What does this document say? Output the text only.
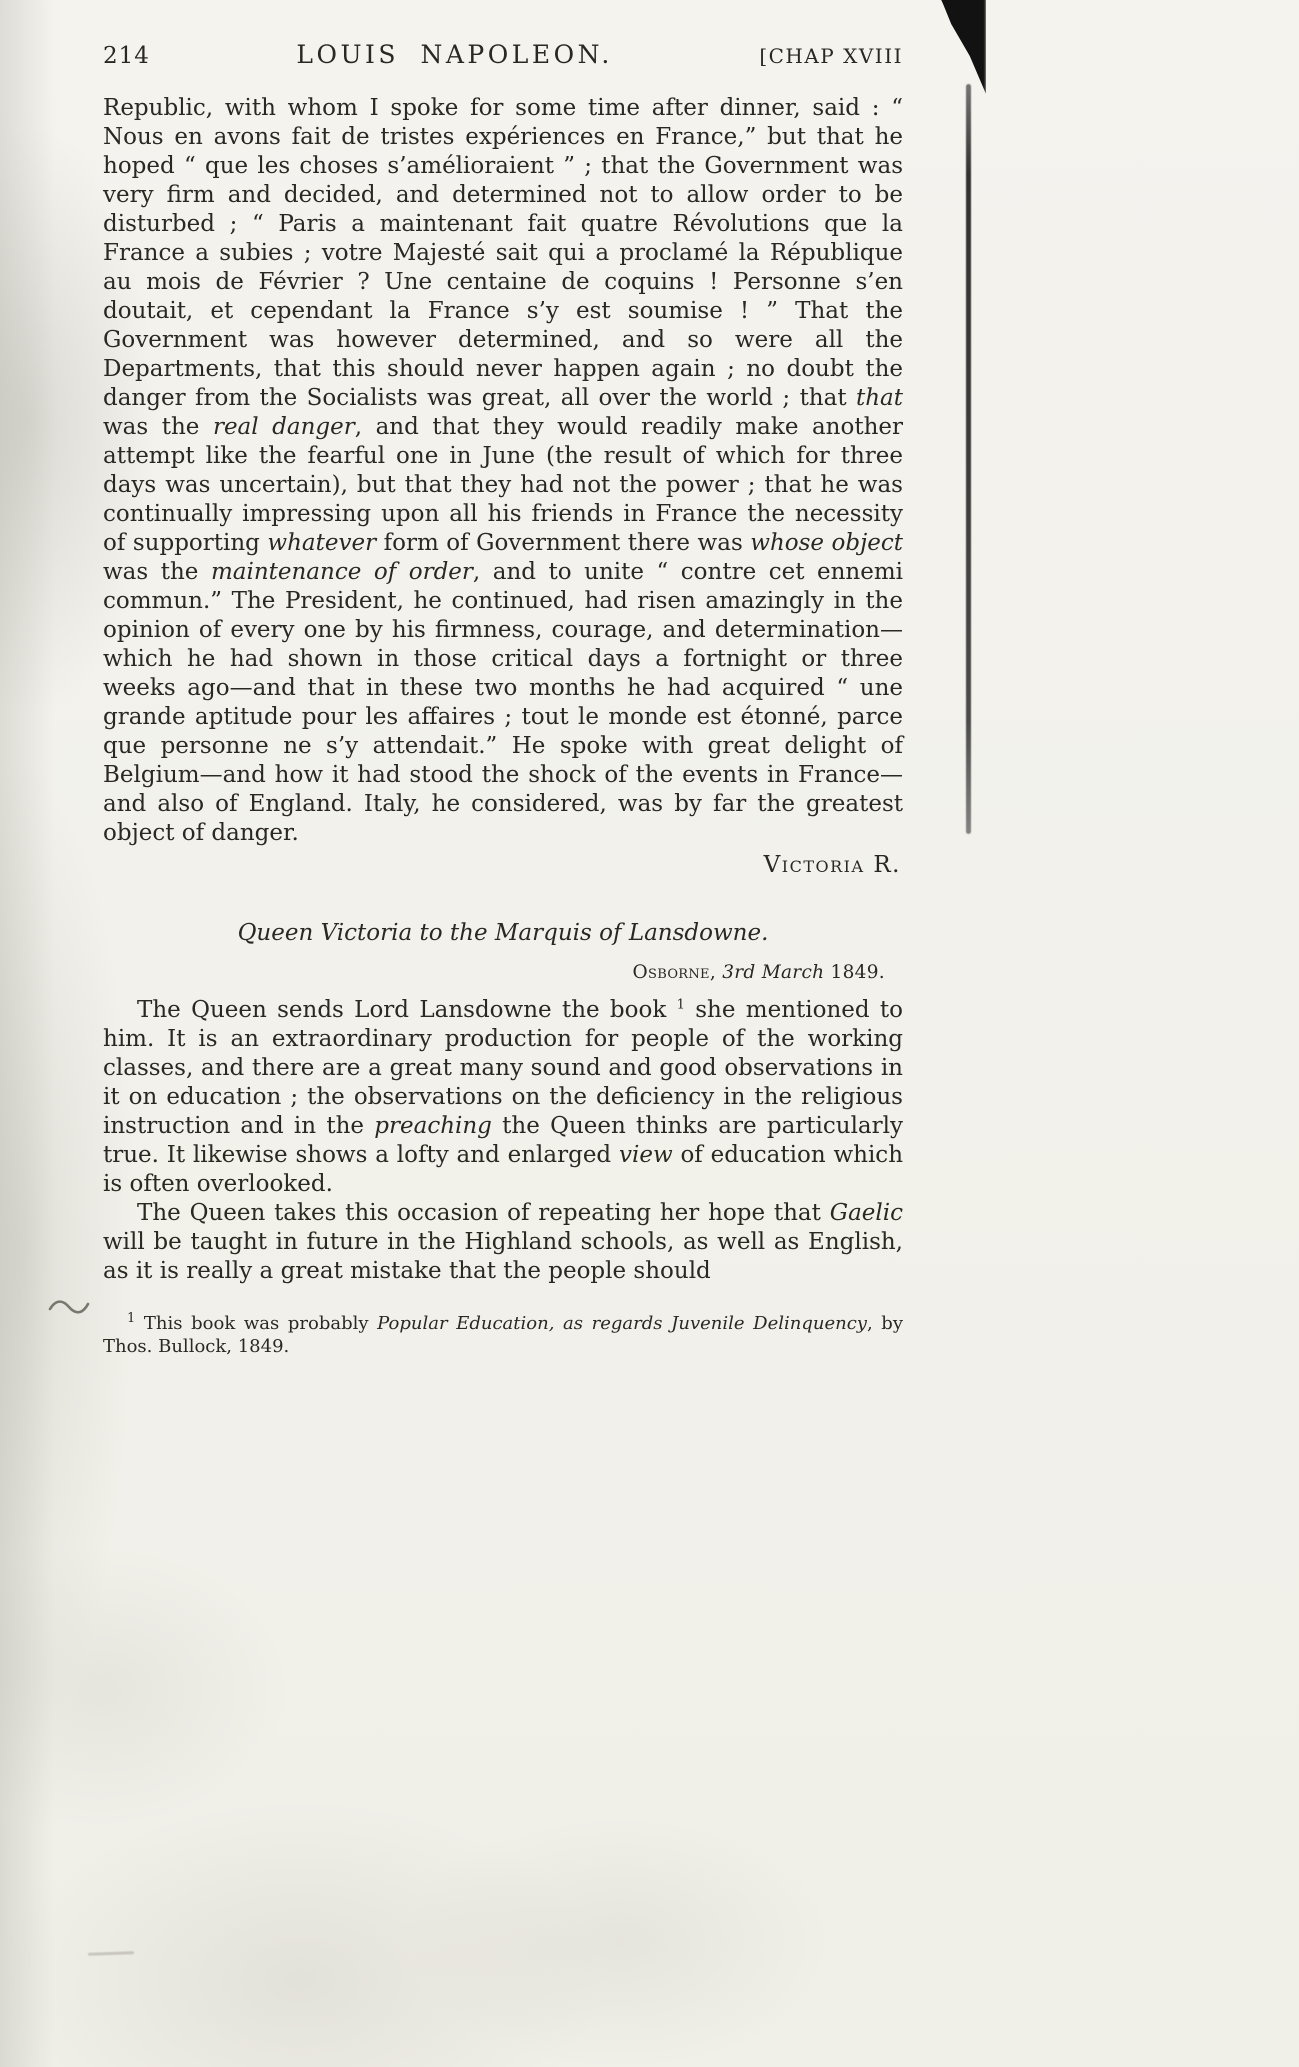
214	LOUIS NAPOLEON.	[CHAP XVIII

Republic, with whom I spoke for some time after dinner, said : “ Nous en avons fait de tristes expériences en France,” but that he hoped “ que les choses s’amélioraient ” ; that the Government was very firm and decided, and determined not to allow order to be disturbed ; “ Paris a maintenant fait quatre Révolutions que la France a subies ; votre Majesté sait qui a proclamé la République au mois de Février ? Une centaine de coquins ! Personne s’en doutait, et cependant la France s’y est soumise ! ” That the Government was however determined, and so were all the Departments, that this should never happen again ; no doubt the danger from the Socialists was great, all over the world ; that that was the real danger, and that they would readily make another attempt like the fearful one in June (the result of which for three days was uncertain), but that they had not the power ; that he was continually impressing upon all his friends in France the necessity of supporting whatever form of Government there was whose object was the maintenance of order, and to unite “ contre cet ennemi commun.” The President, he continued, had risen amazingly in the opinion of every one by his firmness, courage, and determination—which he had shown in those critical days a fortnight or three weeks ago—and that in these two months he had acquired “ une grande aptitude pour les affaires ; tout le monde est étonné, parce que personne ne s’y attendait.” He spoke with great delight of Belgium—and how it had stood the shock of the events in France—and also of England. Italy, he considered, was by far the greatest object of danger.

Victoria R.
Queen Victoria to the Marquis of Lansdowne.
Osborne, 3rd March 1849.

The Queen sends Lord Lansdowne the book $^1$ she mentioned to him. It is an extraordinary production for people of the working classes, and there are a great many sound and good observations in it on education ; the observations on the deficiency in the religious instruction and in the preaching the Queen thinks are particularly true. It likewise shows a lofty and enlarged view of education which is often overlooked.

The Queen takes this occasion of repeating her hope that Gaelic will be taught in future in the Highland schools, as well as English, as it is really a great mistake that the people should

$^1$ This book was probably Popular Education, as regards Juvenile Delinquency, by Thos. Bullock, 1849.
